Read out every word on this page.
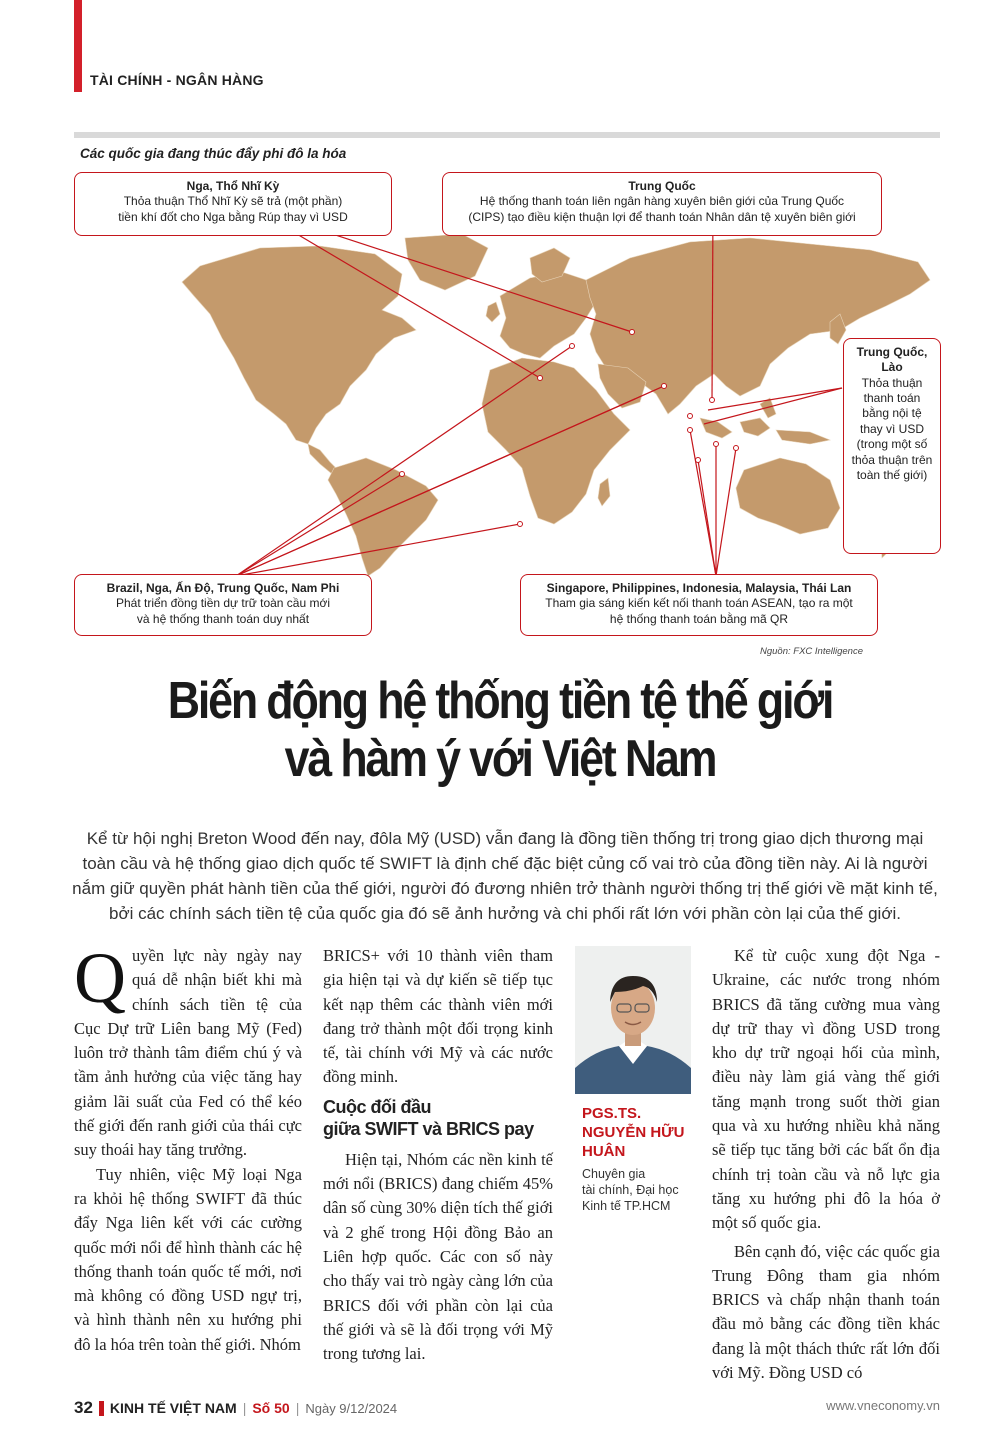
TÀI CHÍNH - NGÂN HÀNG
Các quốc gia đang thúc đẩy phi đô la hóa
Nga, Thổ Nhĩ Kỳ
Thỏa thuận Thổ Nhĩ Kỳ sẽ trả (một phần)
tiền khí đốt cho Nga bằng Rúp thay vì USD
Trung Quốc
Hệ thống thanh toán liên ngân hàng xuyên biên giới của Trung Quốc
(CIPS) tạo điều kiện thuận lợi để thanh toán Nhân dân tệ xuyên biên giới
Trung Quốc, Lào
Thỏa thuận thanh toán bằng nội tệ thay vì USD (trong một số thỏa thuận trên toàn thế giới)
Brazil, Nga, Ấn Độ, Trung Quốc, Nam Phi
Phát triển đồng tiền dự trữ toàn cầu mới
và hệ thống thanh toán duy nhất
Singapore, Philippines, Indonesia, Malaysia, Thái Lan
Tham gia sáng kiến kết nối thanh toán ASEAN, tạo ra một
hệ thống thanh toán bằng mã QR
Nguồn: FXC Intelligence
Biến động hệ thống tiền tệ thế giới
và hàm ý với Việt Nam
Kể từ hội nghị Breton Wood đến nay, đôla Mỹ (USD) vẫn đang là đồng tiền thống trị trong giao dịch thương mại toàn cầu và hệ thống giao dịch quốc tế SWIFT là định chế đặc biệt củng cố vai trò của đồng tiền này. Ai là người nắm giữ quyền phát hành tiền của thế giới, người đó đương nhiên trở thành người thống trị thế giới về mặt kinh tế, bởi các chính sách tiền tệ của quốc gia đó sẽ ảnh hưởng và chi phối rất lớn với phần còn lại của thế giới.

Quyền lực này ngày nay quá dễ nhận biết khi mà chính sách tiền tệ của Cục Dự trữ Liên bang Mỹ (Fed) luôn trở thành tâm điểm chú ý và tầm ảnh hưởng của việc tăng hay giảm lãi suất của Fed có thể kéo thế giới đến ranh giới của thái cực suy thoái hay tăng trưởng.

Tuy nhiên, việc Mỹ loại Nga ra khỏi hệ thống SWIFT đã thúc đẩy Nga liên kết với các cường quốc mới nổi để hình thành các hệ thống thanh toán quốc tế mới, nơi mà không có đồng USD ngự trị, và hình thành nên xu hướng phi đô la hóa trên toàn thế giới. Nhóm

BRICS+ với 10 thành viên tham gia hiện tại và dự kiến sẽ tiếp tục kết nạp thêm các thành viên mới đang trở thành một đối trọng kinh tế, tài chính với Mỹ và các nước đồng minh.

Cuộc đối đầu
giữa SWIFT và BRICS pay

Hiện tại, Nhóm các nền kinh tế mới nổi (BRICS) đang chiếm 45% dân số cùng 30% diện tích thế giới và 2 ghế trong Hội đồng Bảo an Liên hợp quốc. Các con số này cho thấy vai trò ngày càng lớn của BRICS đối với phần còn lại của thế giới và sẽ là đối trọng với Mỹ trong tương lai.

PGS.TS.
NGUYỄN HỮU
HUÂN
Chuyên gia
tài chính, Đại học
Kinh tế TP.HCM

Kể từ cuộc xung đột Nga - Ukraine, các nước trong nhóm BRICS đã tăng cường mua vàng dự trữ thay vì đồng USD trong kho dự trữ ngoại hối của mình, điều này làm giá vàng thế giới tăng mạnh trong suốt thời gian qua và xu hướng nhiều khả năng sẽ tiếp tục tăng bởi các bất ổn địa chính trị toàn cầu và nỗ lực gia tăng xu hướng phi đô la hóa ở một số quốc gia.

Bên cạnh đó, việc các quốc gia Trung Đông tham gia nhóm BRICS và chấp nhận thanh toán đầu mỏ bằng các đồng tiền khác đang là một thách thức rất lớn đối với Mỹ. Đồng USD có

32 KINH TẾ VIỆT NAM | Số 50 | Ngày 9/12/2024	www.vneconomy.vn
